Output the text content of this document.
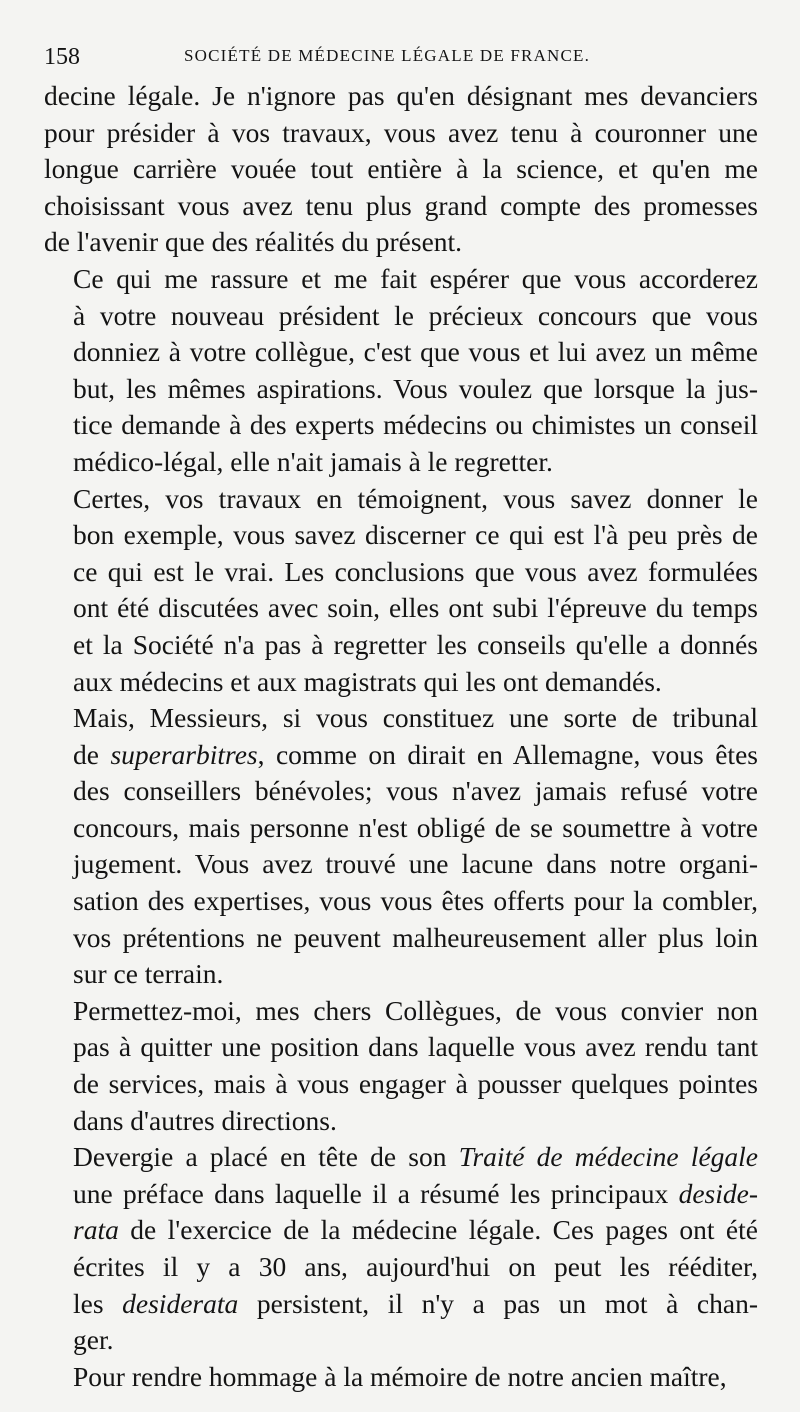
158	SOCIÉTÉ DE MÉDECINE LÉGALE DE FRANCE.

decine légale. Je n'ignore pas qu'en désignant mes devanciers
pour présider à vos travaux, vous avez tenu à couronner une
longue carrière vouée tout entière à la science, et qu'en me
choisissant vous avez tenu plus grand compte des promesses
de l'avenir que des réalités du présent.

Ce qui me rassure et me fait espérer que vous accorderez
à votre nouveau président le précieux concours que vous
donniez à votre collègue, c'est que vous et lui avez un même
but, les mêmes aspirations. Vous voulez que lorsque la jus-
tice demande à des experts médecins ou chimistes un conseil
médico-légal, elle n'ait jamais à le regretter.

Certes, vos travaux en témoignent, vous savez donner le
bon exemple, vous savez discerner ce qui est l'à peu près de
ce qui est le vrai. Les conclusions que vous avez formulées
ont été discutées avec soin, elles ont subi l'épreuve du temps
et la Société n'a pas à regretter les conseils qu'elle a donnés
aux médecins et aux magistrats qui les ont demandés.

Mais, Messieurs, si vous constituez une sorte de tribunal
de superarbitres, comme on dirait en Allemagne, vous êtes
des conseillers bénévoles; vous n'avez jamais refusé votre
concours, mais personne n'est obligé de se soumettre à votre
jugement. Vous avez trouvé une lacune dans notre organi-
sation des expertises, vous vous êtes offerts pour la combler,
vos prétentions ne peuvent malheureusement aller plus loin
sur ce terrain.

Permettez-moi, mes chers Collègues, de vous convier non
pas à quitter une position dans laquelle vous avez rendu tant
de services, mais à vous engager à pousser quelques pointes
dans d'autres directions.

Devergie a placé en tête de son Traité de médecine légale
une préface dans laquelle il a résumé les principaux deside-
rata de l'exercice de la médecine légale. Ces pages ont été
écrites il y a 30 ans, aujourd'hui on peut les rééditer,
les desiderata persistent, il n'y a pas un mot à chan-
ger.

Pour rendre hommage à la mémoire de notre ancien maître,
